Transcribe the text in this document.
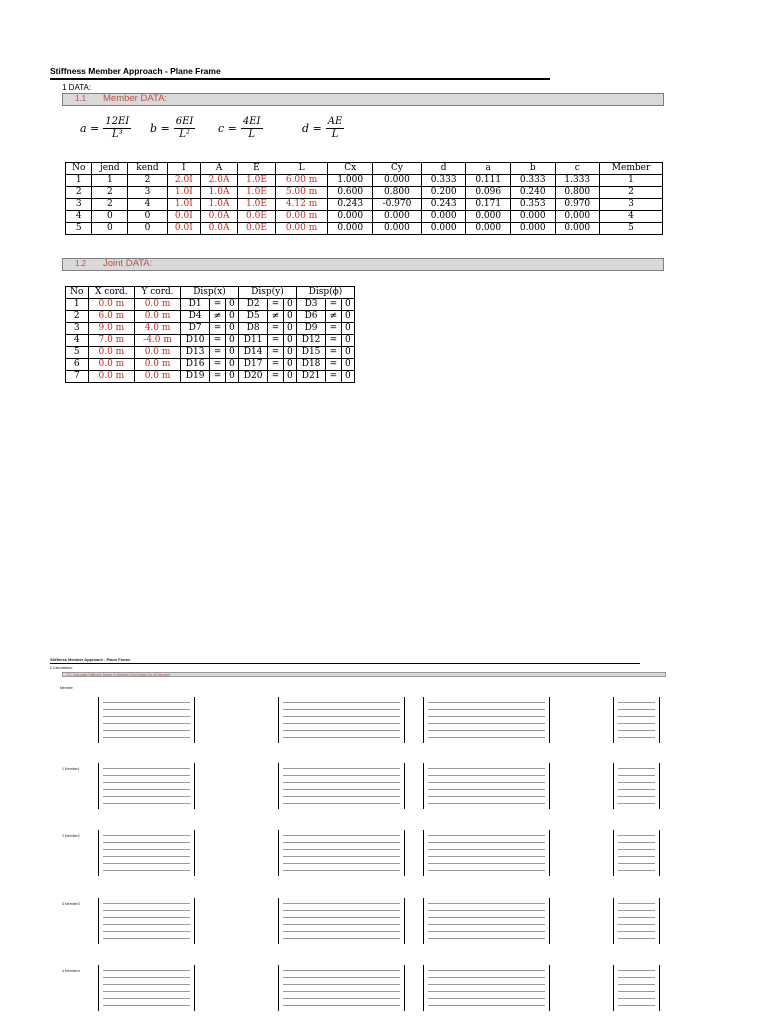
Stiffness Member Approach - Plane Frame
1 DATA:
1.1 Member DATA:
$a = \frac{12EI}{\text{L³}}$ $b = \frac{6EI}{\text{L²}}$ $c = \frac{4EI}{L}$	$d = \frac{AE}{L}$
No	jend	kend	I	A	E	L	Cx	Cy	d	a	b	c	Member
1	1	2	2.0I	2.0A	1.0E	6.00 m	1.000	0.000	0.333	0.111	0.333	1.333	1
2	2	3	1.0I	1.0A	1.0E	5.00 m	0.600	0.800	0.200	0.096	0.240	0.800	2
3	2	4	1.0I	1.0A	1.0E	4.12 m	0.243	-0.970	0.243	0.171	0.353	0.970	3
4	0	0	0.0I	0.0A	0.0E	0.00 m	0.000	0.000	0.000	0.000	0.000	0.000	4
5	0	0	0.0I	0.0A	0.0E	0.00 m	0.000	0.000	0.000	0.000	0.000	0.000	5
1.2 Joint DATA:
No	X cord.	Y cord.	Disp(x)			Disp(y)			Disp(ϕ)		
1	0.0 m	0.0 m	D1	=	0	D2	=	0	D3	=	0
2	6.0 m	0.0 m	D4	≠	0	D5	≠	0	D6	≠	0
3	9.0 m	4.0 m	D7	=	0	D8	=	0	D9	=	0
4	7.0 m	-4.0 m	D10	=	0	D11	=	0	D12	=	0
5	0.0 m	0.0 m	D13	=	0	D14	=	0	D15	=	0
6	0.0 m	0.0 m	D16	=	0	D17	=	0	D18	=	0
7	0.0 m	0.0 m	D19	=	0	D20	=	0	D21	=	0
Stiffness Member Approach - Plane Frame
2 Calculations:
2.1 Calculate Stiffness Matrix & Member End Action for all Member
Member
1 Member1
2 Member2
3 Member3
4 Member4
